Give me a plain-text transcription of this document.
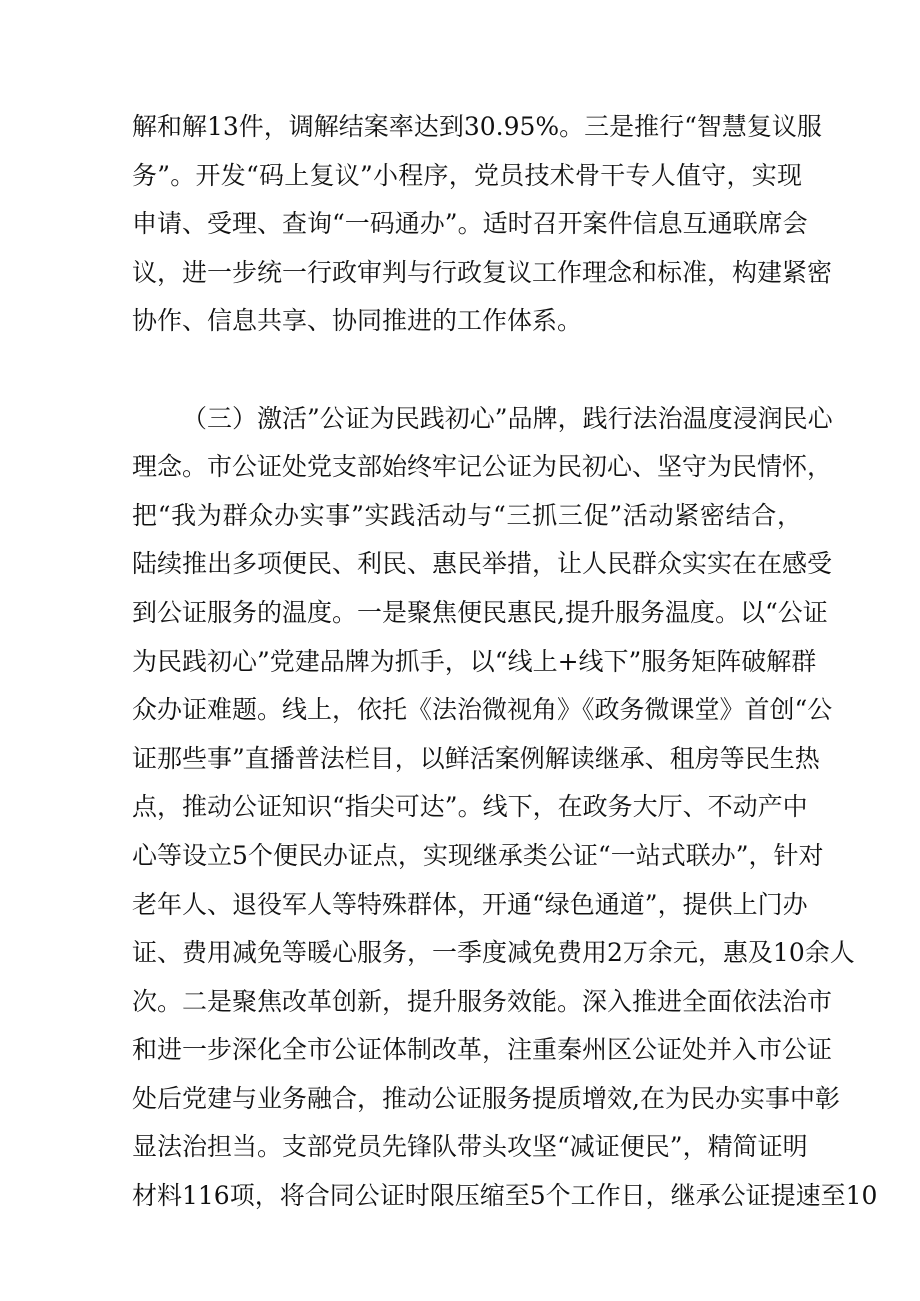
解和解13件，调解结案率达到30.95%。三是推行“智慧复议服
务”。开发“码上复议”小程序，党员技术骨干专人值守，实现
申请、受理、查询“一码通办”。适时召开案件信息互通联席会
议，进一步统一行政审判与行政复议工作理念和标准，构建紧密
协作、信息共享、协同推进的工作体系。
（三）激活”公证为民践初心”品牌，践行法治温度浸润民心
理念。市公证处党支部始终牢记公证为民初心、坚守为民情怀，
把“我为群众办实事”实践活动与“三抓三促”活动紧密结合，
陆续推出多项便民、利民、惠民举措，让人民群众实实在在感受
到公证服务的温度。一是聚焦便民惠民,提升服务温度。以“公证
为民践初心”党建品牌为抓手，以“线上+线下”服务矩阵破解群
众办证难题。线上，依托《法治微视角》《政务微课堂》首创“公
证那些事”直播普法栏目，以鲜活案例解读继承、租房等民生热
点，推动公证知识“指尖可达”。线下，在政务大厅、不动产中
心等设立5个便民办证点，实现继承类公证“一站式联办”，针对
老年人、退役军人等特殊群体，开通“绿色通道”，提供上门办
证、费用减免等暖心服务，一季度减免费用2万余元，惠及10余人
次。二是聚焦改革创新，提升服务效能。深入推进全面依法治市
和进一步深化全市公证体制改革，注重秦州区公证处并入市公证
处后党建与业务融合，推动公证服务提质增效,在为民办实事中彰
显法治担当。支部党员先锋队带头攻坚“减证便民”，精简证明
材料116项，将合同公证时限压缩至5个工作日，继承公证提速至10
